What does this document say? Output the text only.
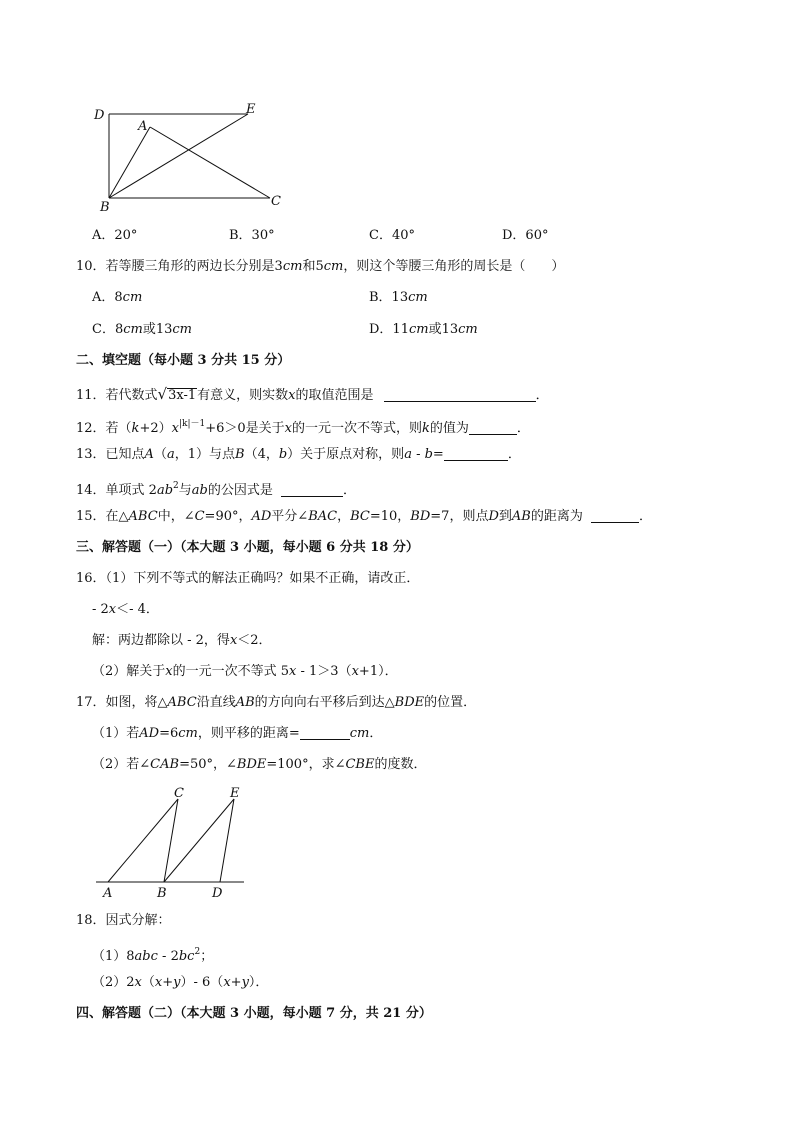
D	E
A
B	C
A．20°	B．30°	C．40°	D．60°
10．若等腰三角形的两边长分别是3cm和5cm，则这个等腰三角形的周长是（　　）
A．8cm	B．13cm
C．8cm或13cm	D．11cm或13cm
二、填空题（每小题 3 分共 15 分）
11．若代数式√3x-1有意义，则实数x的取值范围是	．
12．若$(k+2)x^{|k|-1}+6>0$是关于x的一元一次不等式，则k的值为	．
13．已知点A（a，1）与点B（4，b）关于原点对称，则a - b=	．
14．单项式 $2ab^2$与ab的公因式是	．
15．在△ABC中，∠C=90°，AD平分∠BAC，BC=10，BD=7，则点D到AB的距离为	．
三、解答题（一）（本大题 3 小题，每小题 6 分共 18 分）
16．（1）下列不等式的解法正确吗？如果不正确，请改正．
- 2x＜- 4．
解：两边都除以 - 2，得x＜2．
（2）解关于x的一元一次不等式 5x - 1＞3（x+1）．
17．如图，将△ABC沿直线AB的方向向右平移后到达△BDE的位置．
（1）若AD=6cm，则平移的距离=	cm．
（2）若∠CAB=50°，∠BDE=100°，求∠CBE的度数．
C	E
A	B	D
18．因式分解：
$(1)8abc - 2bc^2$；
（2）2x（x+y）- 6（x+y）．
四、解答题（二）（本大题 3 小题，每小题 7 分，共 21 分）
